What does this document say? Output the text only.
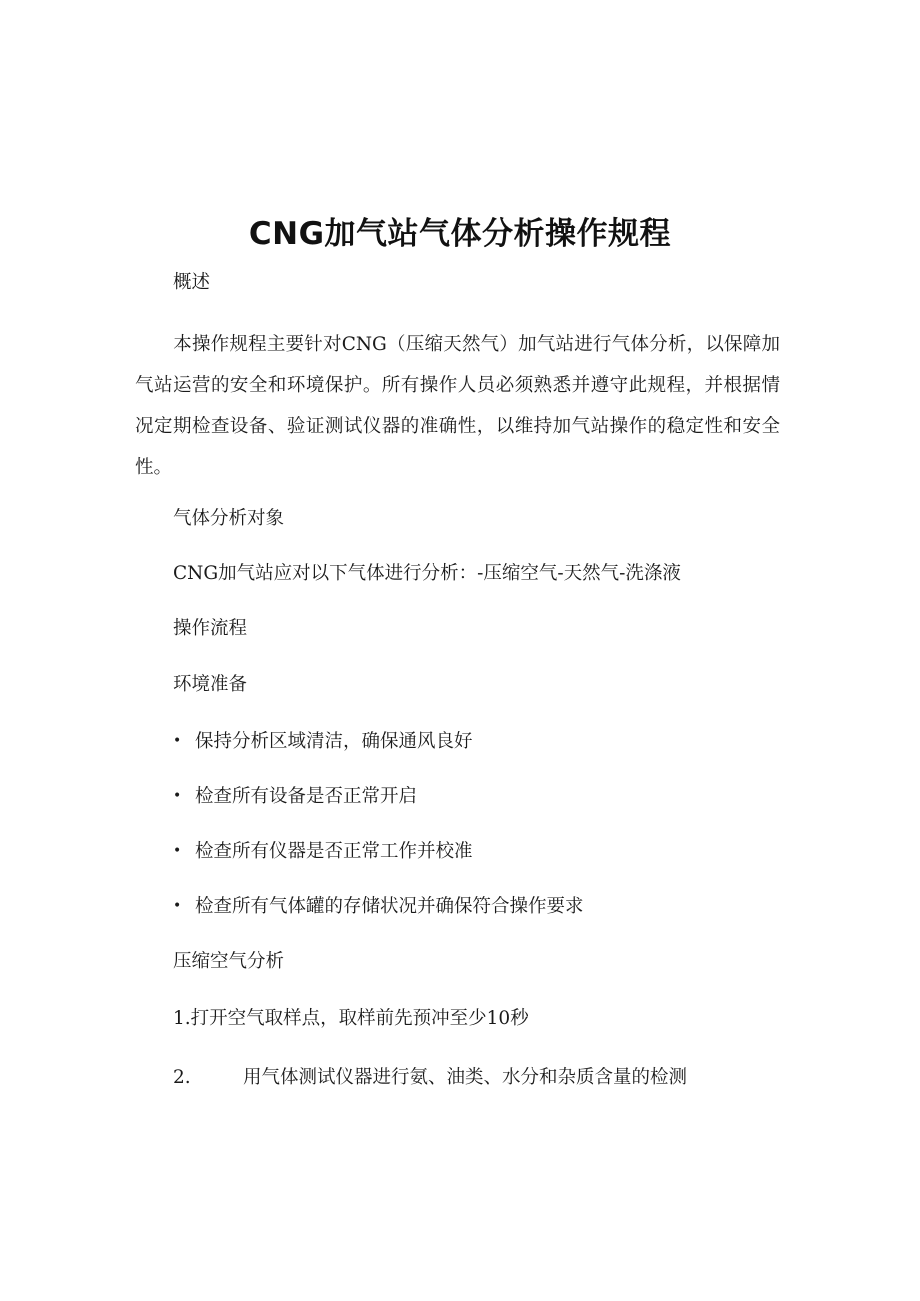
CNG加气站气体分析操作规程

概述

本操作规程主要针对CNG（压缩天然气）加气站进行气体分析，以保障加气站运营的安全和环境保护。所有操作人员必须熟悉并遵守此规程，并根据情况定期检查设备、验证测试仪器的准确性，以维持加气站操作的稳定性和安全性。

气体分析对象

CNG加气站应对以下气体进行分析：-压缩空气-天然气-洗涤液

操作流程

环境准备

• 保持分析区域清洁，确保通风良好
• 检查所有设备是否正常开启
• 检查所有仪器是否正常工作并校准
• 检查所有气体罐的存储状况并确保符合操作要求

压缩空气分析

1.打开空气取样点，取样前先预冲至少10秒

2.	用气体测试仪器进行氨、油类、水分和杂质含量的检测
